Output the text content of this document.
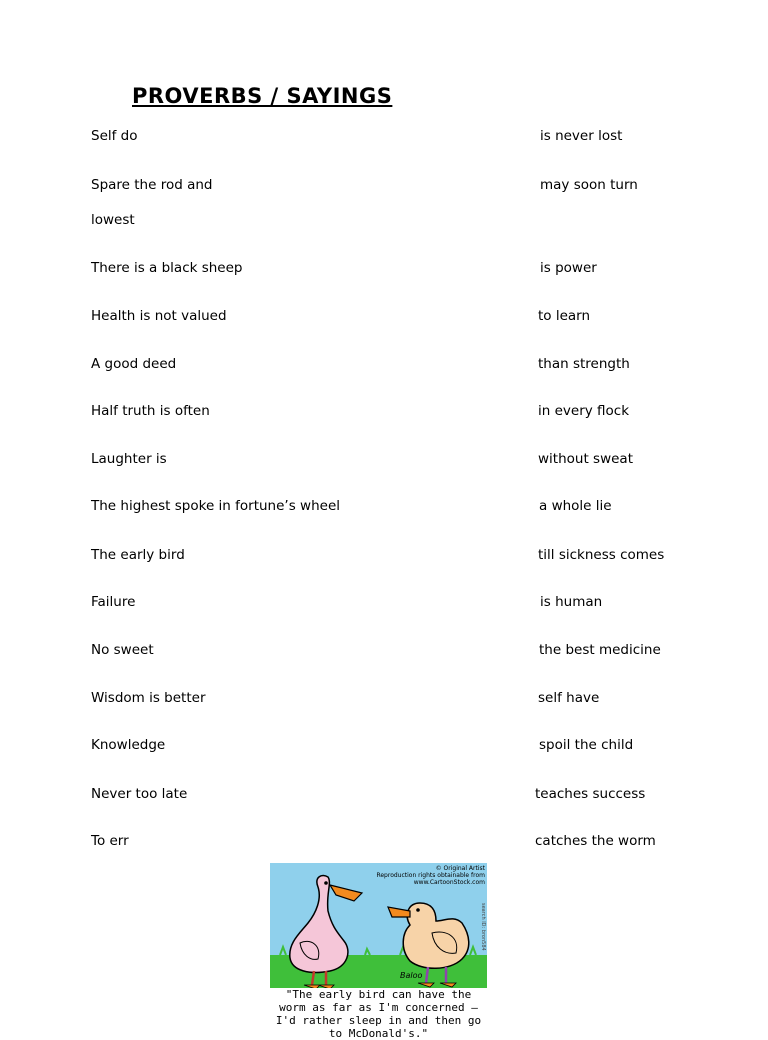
PROVERBS / SAYINGS
Self do
Spare the rod and
lowest
There is a black sheep
Health is not valued
A good deed
Half truth is often
Laughter is
The highest spoke in fortune’s wheel
The early bird
Failure
No sweet
Wisdom is better
Knowledge
Never too late
To err
is never lost
may soon turn
is power
to learn
than strength
in every flock
without sweat
a whole lie
till sickness comes
is human
the best medicine
self have
spoil the child
teaches success
catches the worm
© Original Artist
Reproduction rights obtainable from
www.CartoonStock.com
Baloo
search ID: bron584
"The early bird can have the worm as far as I'm concerned — I'd rather sleep in and then go to McDonald's."
